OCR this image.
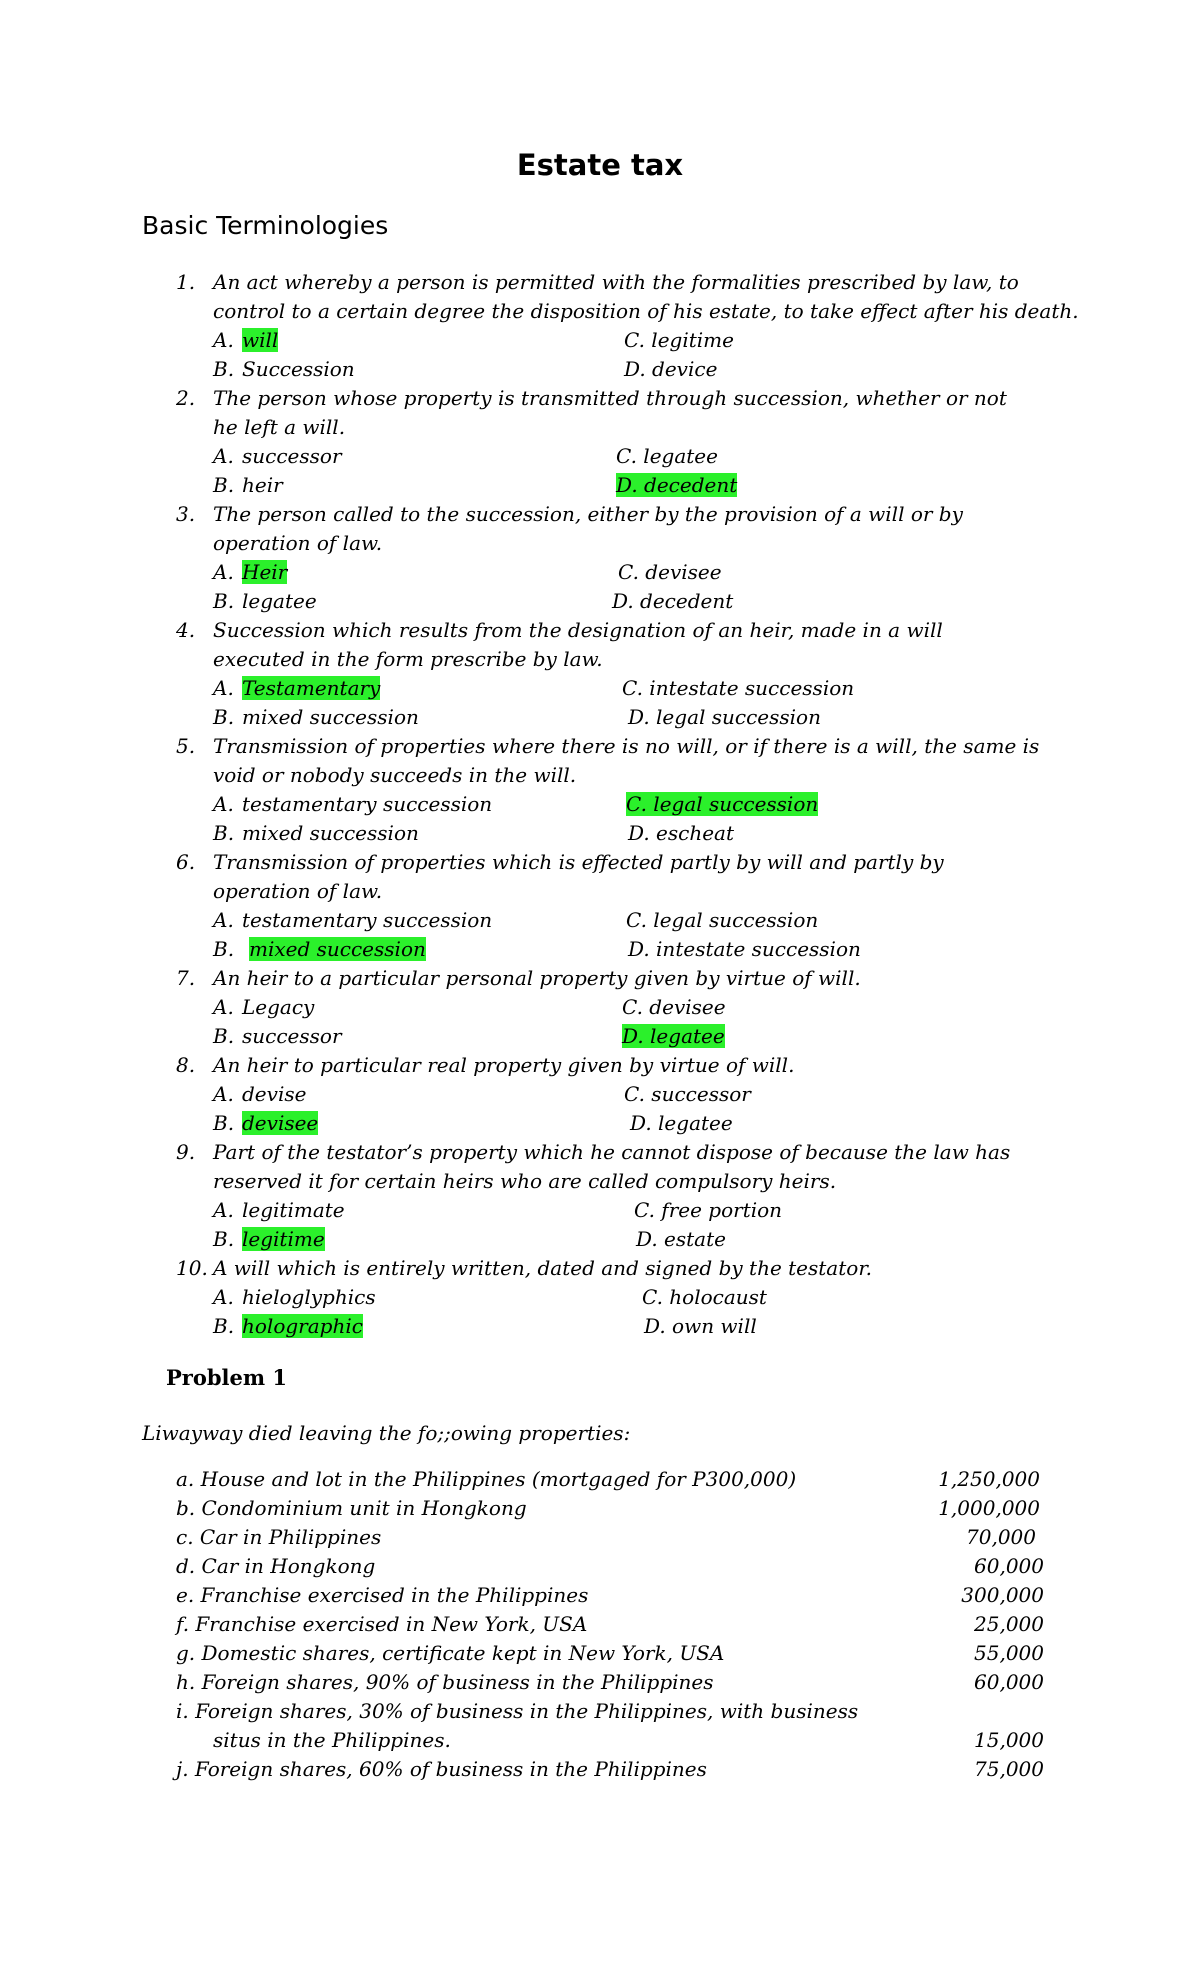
Estate tax
Basic Terminologies
1. An act whereby a person is permitted with the formalities prescribed by law, to
control to a certain degree the disposition of his estate, to take effect after his death.
A. will	C. legitime
B. Succession	D. device
2. The person whose property is transmitted through succession, whether or not
he left a will.
A. successor	C. legatee
B. heir	D. decedent
3. The person called to the succession, either by the provision of a will or by
operation of law.
A. Heir	C. devisee
B. legatee	D. decedent
4. Succession which results from the designation of an heir, made in a will
executed in the form prescribe by law.
A. Testamentary	C. intestate succession
B. mixed succession	D. legal succession
5. Transmission of properties where there is no will, or if there is a will, the same is
void or nobody succeeds in the will.
A. testamentary succession	C. legal succession
B. mixed succession	D. escheat
6. Transmission of properties which is effected partly by will and partly by
operation of law.
A. testamentary succession	C. legal succession
B. mixed succession	D. intestate succession
7. An heir to a particular personal property given by virtue of will.
A. Legacy	C. devisee
B. successor	D. legatee
8. An heir to particular real property given by virtue of will.
A. devise	C. successor
B. devisee	D. legatee
9. Part of the testator’s property which he cannot dispose of because the law has
reserved it for certain heirs who are called compulsory heirs.
A. legitimate	C. free portion
B. legitime	D. estate
10. A will which is entirely written, dated and signed by the testator.
A. hieloglyphics	C. holocaust
B. holographic	D. own will
Problem 1
Liwayway died leaving the fo;;owing properties:
a. House and lot in the Philippines (mortgaged for P300,000)	1,250,000
b. Condominium unit in Hongkong	1,000,000
c. Car in Philippines	70,000
d. Car in Hongkong	60,000
e. Franchise exercised in the Philippines	300,000
f. Franchise exercised in New York, USA	25,000
g. Domestic shares, certificate kept in New York, USA	55,000
h. Foreign shares, 90% of business in the Philippines	60,000
i. Foreign shares, 30% of business in the Philippines, with business
situs in the Philippines.	15,000
j. Foreign shares, 60% of business in the Philippines	75,000
